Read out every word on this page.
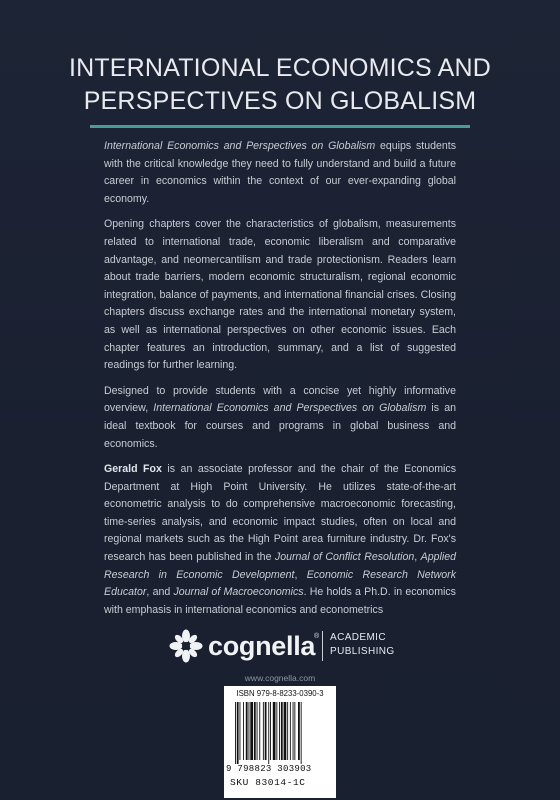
INTERNATIONAL ECONOMICS AND
PERSPECTIVES ON GLOBALISM

International Economics and Perspectives on Globalism equips students with the critical knowledge they need to fully understand and build a future career in economics within the context of our ever-expanding global economy.

Opening chapters cover the characteristics of globalism, measurements related to international trade, economic liberalism and comparative advantage, and neomercantilism and trade protectionism. Readers learn about trade barriers, modern economic structuralism, regional economic integration, balance of payments, and international financial crises. Closing chapters discuss exchange rates and the international monetary system, as well as international perspectives on other economic issues. Each chapter features an introduction, summary, and a list of suggested readings for further learning.

Designed to provide students with a concise yet highly informative overview, International Economics and Perspectives on Globalism is an ideal textbook for courses and programs in global business and economics.

Gerald Fox is an associate professor and the chair of the Economics Department at High Point University. He utilizes state-of-the-art econometric analysis to do comprehensive macroeconomic forecasting, time-series analysis, and economic impact studies, often on local and regional markets such as the High Point area furniture industry. Dr. Fox's research has been published in the Journal of Conflict Resolution, Applied Research in Economic Development, Economic Research Network Educator, and Journal of Macroeconomics. He holds a Ph.D. in economics with emphasis in international economics and econometrics

cognella
® ACADEMIC
PUBLISHING
www.cognella.com
ISBN 979-8-8233-0390-3
9 798823 303903
SKU 83014-1C
